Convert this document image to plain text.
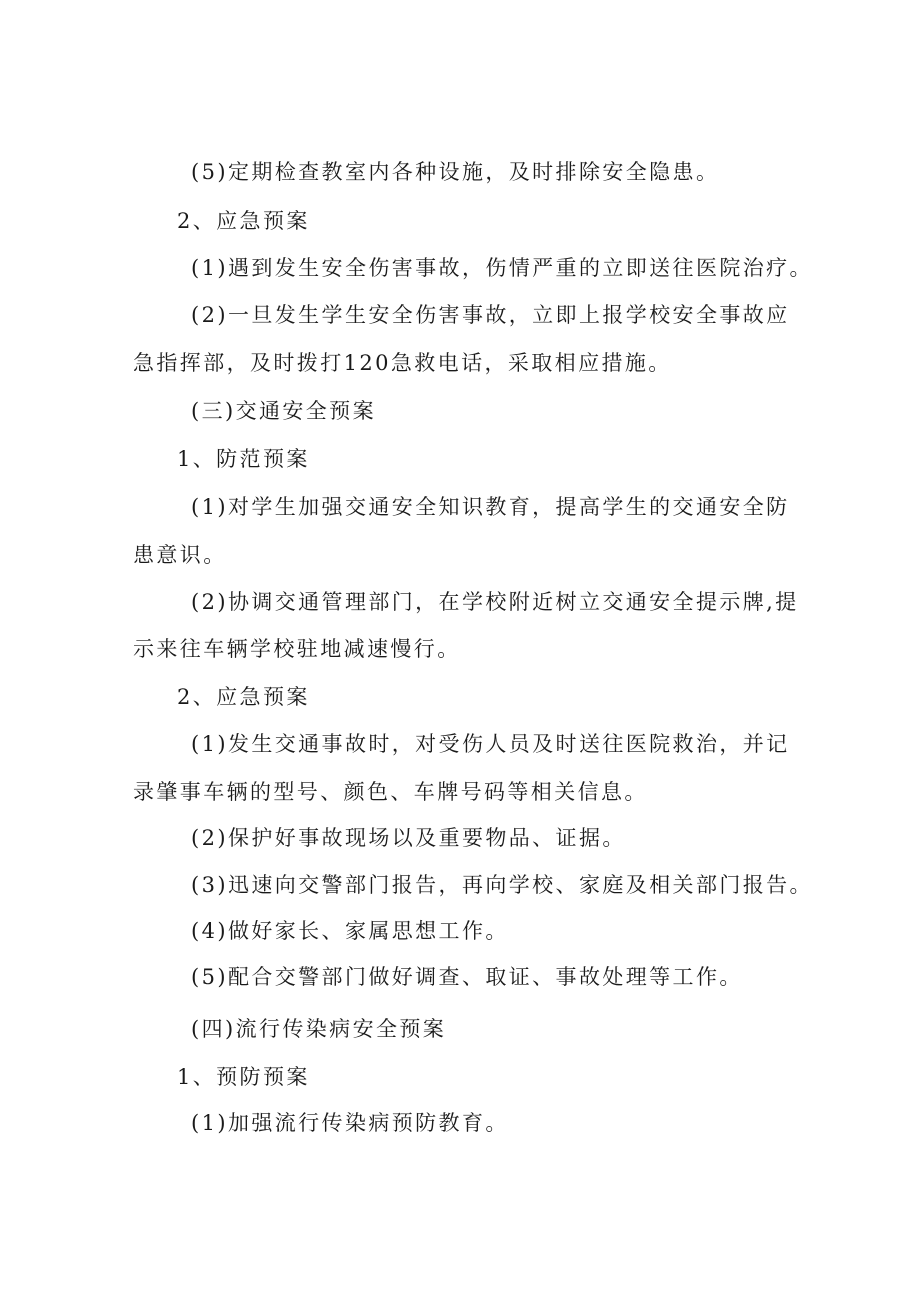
(5)定期检查教室内各种设施，及时排除安全隐患。
2、应急预案
(1)遇到发生安全伤害事故，伤情严重的立即送往医院治疗。
(2)一旦发生学生安全伤害事故，立即上报学校安全事故应
急指挥部，及时拨打120急救电话，采取相应措施。
(三)交通安全预案
1、防范预案
(1)对学生加强交通安全知识教育，提高学生的交通安全防
患意识。
(2)协调交通管理部门，在学校附近树立交通安全提示牌,提
示来往车辆学校驻地减速慢行。
2、应急预案
(1)发生交通事故时，对受伤人员及时送往医院救治，并记
录肇事车辆的型号、颜色、车牌号码等相关信息。
(2)保护好事故现场以及重要物品、证据。
(3)迅速向交警部门报告，再向学校、家庭及相关部门报告。
(4)做好家长、家属思想工作。
(5)配合交警部门做好调查、取证、事故处理等工作。
(四)流行传染病安全预案
1、预防预案
(1)加强流行传染病预防教育。
